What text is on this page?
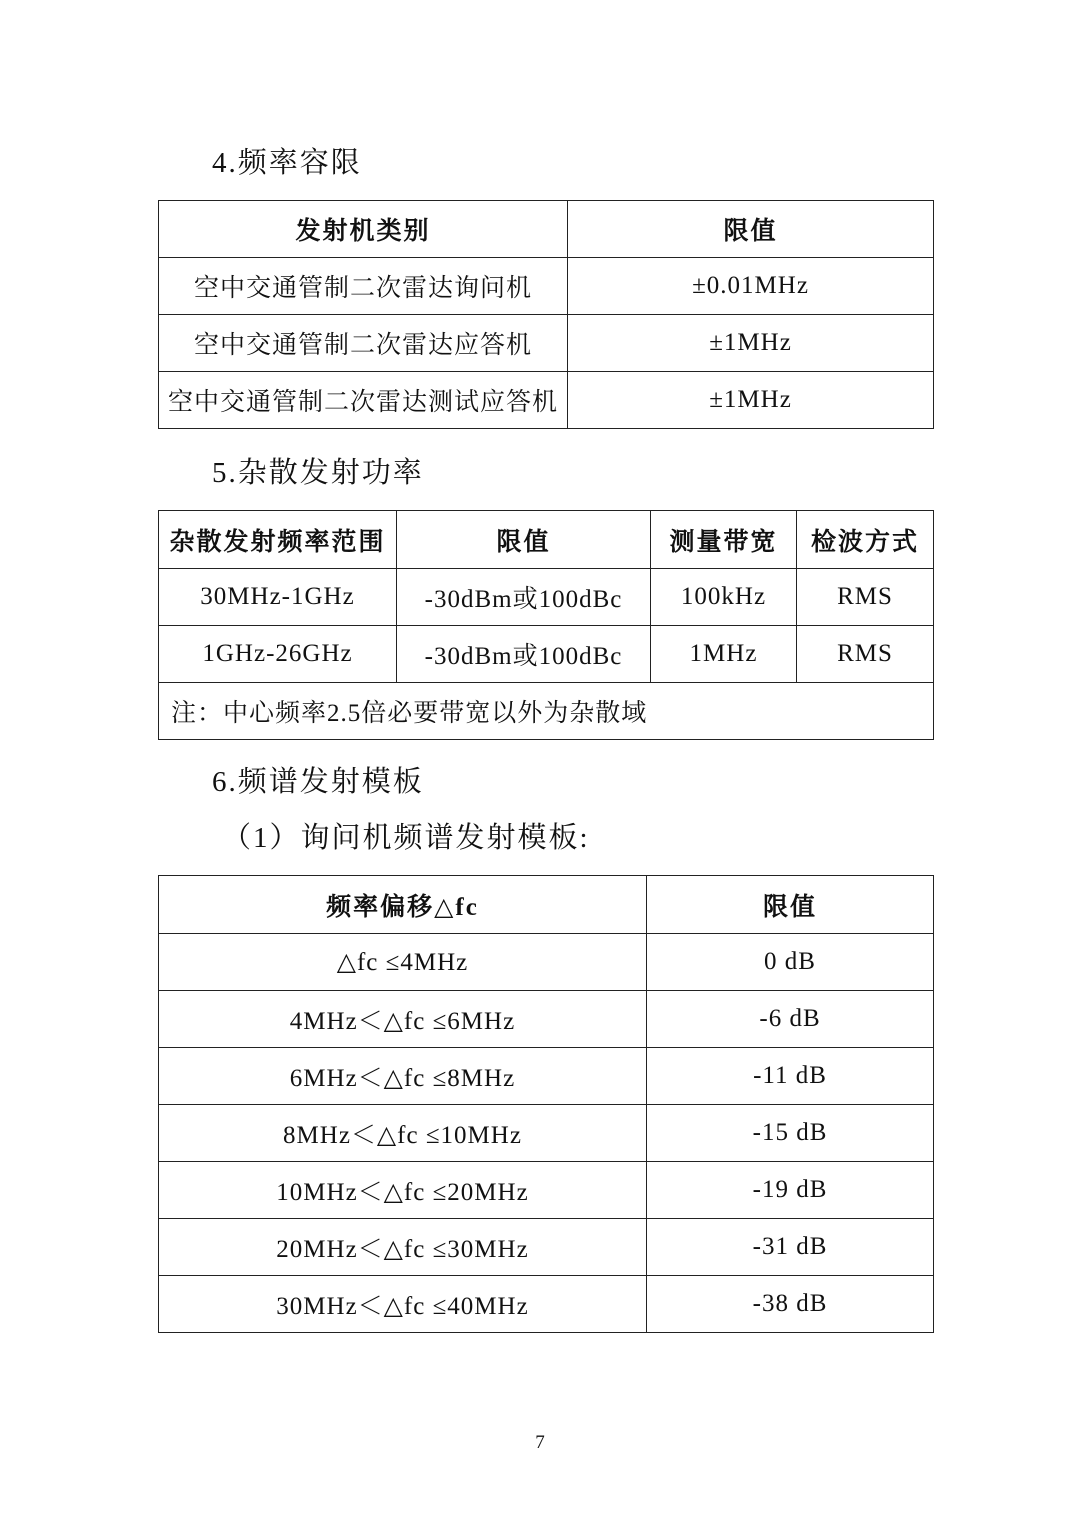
4.频率容限
发射机类别	限值
空中交通管制二次雷达询问机	±0.01MHz
空中交通管制二次雷达应答机	±1MHz
空中交通管制二次雷达测试应答机	±1MHz
5.杂散发射功率
杂散发射频率范围	限值	测量带宽	检波方式
30MHz-1GHz	-30dBm或100dBc	100kHz	RMS
1GHz-26GHz	-30dBm或100dBc	1MHz	RMS
注：中心频率2.5倍必要带宽以外为杂散域			
6.频谱发射模板
（1）询问机频谱发射模板:
频率偏移△fc	限值
△fc ≤4MHz	0 dB
4MHz＜△fc ≤6MHz	-6 dB
6MHz＜△fc ≤8MHz	-11 dB
8MHz＜△fc ≤10MHz	-15 dB
10MHz＜△fc ≤20MHz	-19 dB
20MHz＜△fc ≤30MHz	-31 dB
30MHz＜△fc ≤40MHz	-38 dB
7
